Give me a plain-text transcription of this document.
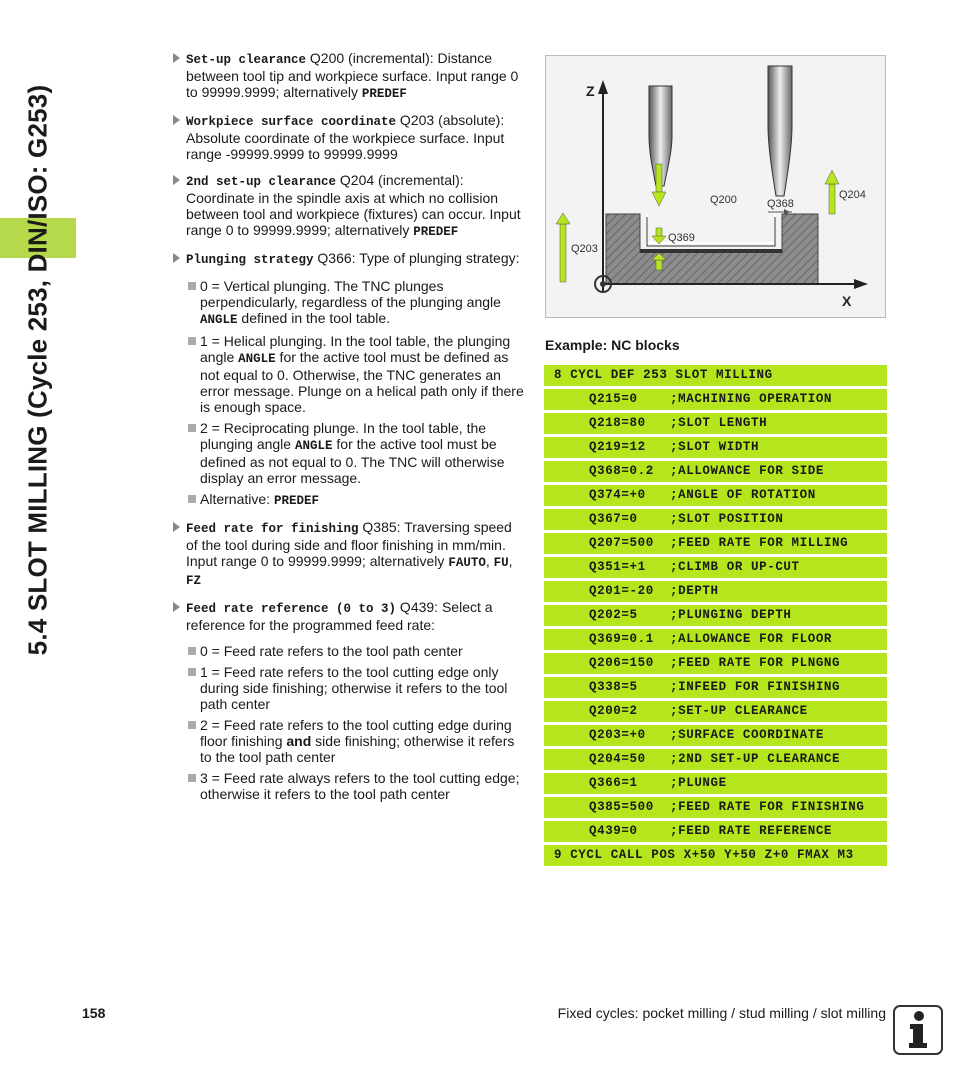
5.4 SLOT MILLING (Cycle 253, DIN/ISO: G253)
Set-up clearance Q200 (incremental): Distance between tool tip and workpiece surface. Input range 0 to 99999.9999; alternatively PREDEF
Workpiece surface coordinate Q203 (absolute): Absolute coordinate of the workpiece surface. Input range -99999.9999 to 99999.9999
2nd set-up clearance Q204 (incremental): Coordinate in the spindle axis at which no collision between tool and workpiece (fixtures) can occur. Input range 0 to 99999.9999; alternatively PREDEF
Plunging strategy Q366: Type of plunging strategy:
0 = Vertical plunging. The TNC plunges perpendicularly, regardless of the plunging angle ANGLE defined in the tool table.
1 = Helical plunging. In the tool table, the plunging angle ANGLE for the active tool must be defined as not equal to 0. Otherwise, the TNC generates an error message. Plunge on a helical path only if there is enough space.
2 = Reciprocating plunge. In the tool table, the plunging angle ANGLE for the active tool must be defined as not equal to 0. The TNC will otherwise display an error message.
Alternative: PREDEF
Feed rate for finishing Q385: Traversing speed of the tool during side and floor finishing in mm/min. Input range 0 to 99999.9999; alternatively FAUTO, FU, FZ
Feed rate reference (0 to 3) Q439: Select a reference for the programmed feed rate:
0 = Feed rate refers to the tool path center
1 = Feed rate refers to the tool cutting edge only during side finishing; otherwise it refers to the tool path center
2 = Feed rate refers to the tool cutting edge during floor finishing and side finishing; otherwise it refers to the tool path center
3 = Feed rate always refers to the tool cutting edge; otherwise it refers to the tool path center
Z
X
Q200	Q368
Q204
Q369
Q203
Example: NC blocks
8 CYCL DEF 253 SLOT MILLING
Q215=0    ;MACHINING OPERATION
Q218=80   ;SLOT LENGTH
Q219=12   ;SLOT WIDTH
Q368=0.2  ;ALLOWANCE FOR SIDE
Q374=+0   ;ANGLE OF ROTATION
Q367=0    ;SLOT POSITION
Q207=500  ;FEED RATE FOR MILLING
Q351=+1   ;CLIMB OR UP-CUT
Q201=-20  ;DEPTH
Q202=5    ;PLUNGING DEPTH
Q369=0.1  ;ALLOWANCE FOR FLOOR
Q206=150  ;FEED RATE FOR PLNGNG
Q338=5    ;INFEED FOR FINISHING
Q200=2    ;SET-UP CLEARANCE
Q203=+0   ;SURFACE COORDINATE
Q204=50   ;2ND SET-UP CLEARANCE
Q366=1    ;PLUNGE
Q385=500  ;FEED RATE FOR FINISHING
Q439=0    ;FEED RATE REFERENCE
9 CYCL CALL POS X+50 Y+50 Z+0 FMAX M3
158	Fixed cycles: pocket milling / stud milling / slot milling
